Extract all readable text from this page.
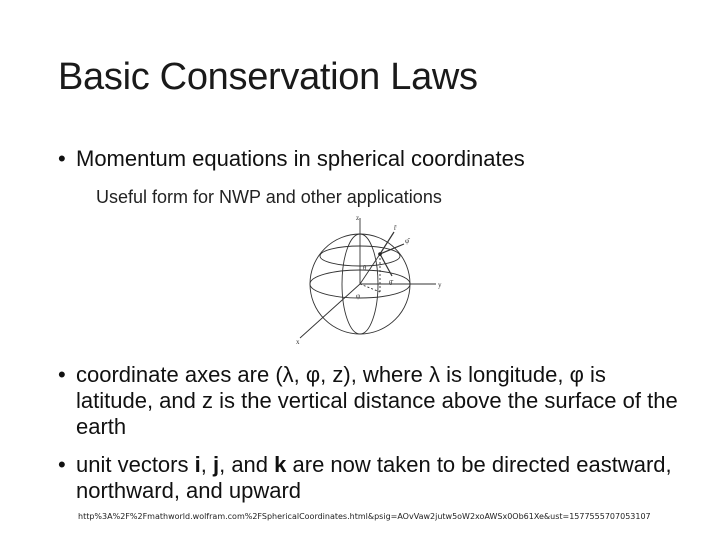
Basic Conservation Laws
• Momentum equations in spherical coordinates
Useful form for NWP and other applications
z
y
x
r̂
φ̂
θ̂
θ
φ
• coordinate axes are (λ, φ, z), where λ is longitude, φ is latitude, and z is the vertical distance above the surface of the earth
• unit vectors i, j, and k are now taken to be directed eastward, northward, and upward
http%3A%2F%2Fmathworld.wolfram.com%2FSphericalCoordinates.html&psig=AOvVaw2jutw5oW2xoAWSx0Ob61Xe&ust=1577555707053107
